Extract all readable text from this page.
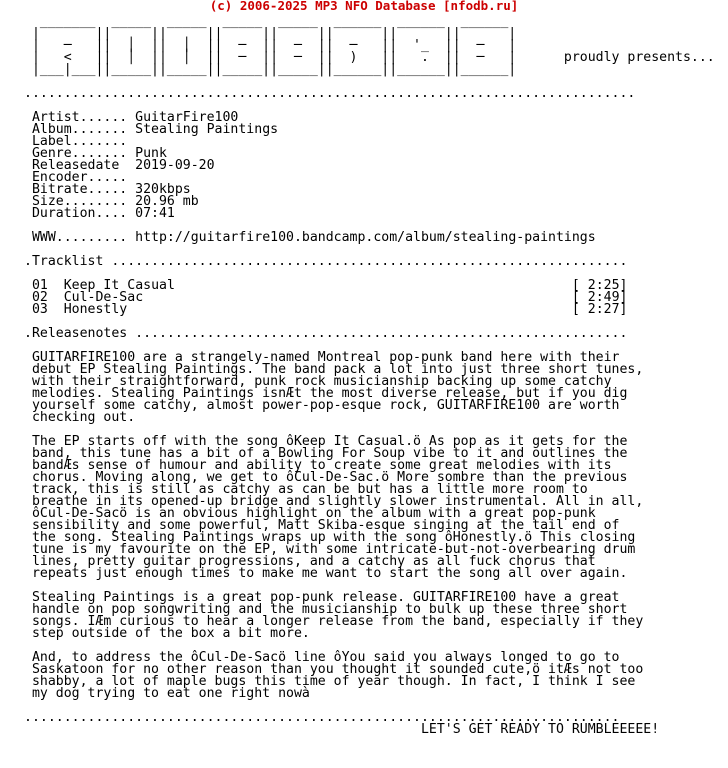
(c) 2006-2025 MP3 NFO Database [nfodb.ru]
_______  _____  _____  _____  _____  ______  ______  ______
|       ||     ||     ||     ||     ||      ||      ||      |
|   ─   ||  │  ||  │  ||  ─  ||  ─  ||  ─   ||  '_  ||  ─   |
|   <   ||  │  ||  │  ||  ─  ||  ─  ||  )   ||   .  ||  ─   |      proudly presents...
|___|___||_____||_____||_____||_____||______||______||______|

.............................................................................

Artist...... GuitarFire100
Album....... Stealing Paintings
Label.......
Genre....... Punk
Releasedate  2019-09-20
Encoder.....
Bitrate..... 320kbps
Size........ 20.96 mb
Duration.... 07:41

WWW......... http://guitarfire100.bandcamp.com/album/stealing-paintings

.Tracklist .................................................................

01 Keep It Casual                                                  [ 2:25]
02 Cul-De-Sac                                                      [ 2:49]
03 Honestly                                                        [ 2:27]

.Releasenotes ..............................................................

GUITARFIRE100 are a strangely-named Montreal pop-punk band here with their
debut EP Stealing Paintings. The band pack a lot into just three short tunes,
with their straightforward, punk rock musicianship backing up some catchy
melodies. Stealing Paintings isnÆt the most diverse release, but if you dig
yourself some catchy, almost power-pop-esque rock, GUITARFIRE100 are worth
checking out.

The EP starts off with the song ôKeep It Casual.ö As pop as it gets for the
band, this tune has a bit of a Bowling For Soup vibe to it and outlines the
bandÆs sense of humour and ability to create some great melodies with its
chorus. Moving along, we get to ôCul-De-Sac.ö More sombre than the previous
track, this is still as catchy as can be but has a little more room to
breathe in its opened-up bridge and slightly slower instrumental. All in all,
ôCul-De-Sacö is an obvious highlight on the album with a great pop-punk
sensibility and some powerful, Matt Skiba-esque singing at the tail end of
the song. Stealing Paintings wraps up with the song ôHonestly.ö This closing
tune is my favourite on the EP, with some intricate-but-not-overbearing drum
lines, pretty guitar progressions, and a catchy as all fuck chorus that
repeats just enough times to make me want to start the song all over again.

Stealing Paintings is a great pop-punk release. GUITARFIRE100 have a great
handle on pop songwriting and the musicianship to bulk up these three short
songs. IÆm curious to hear a longer release from the band, especially if they
step outside of the box a bit more.

And, to address the ôCul-De-Sacö line ôYou said you always longed to go to
Saskatoon for no other reason than you thought it sounded cute,ö itÆs not too
shabby, a lot of maple bugs this time of year though. In fact, I think I see
my dog trying to eat one right nowà

...........................................................................
LET'S GET READY TO RUMBLEEEEE!
